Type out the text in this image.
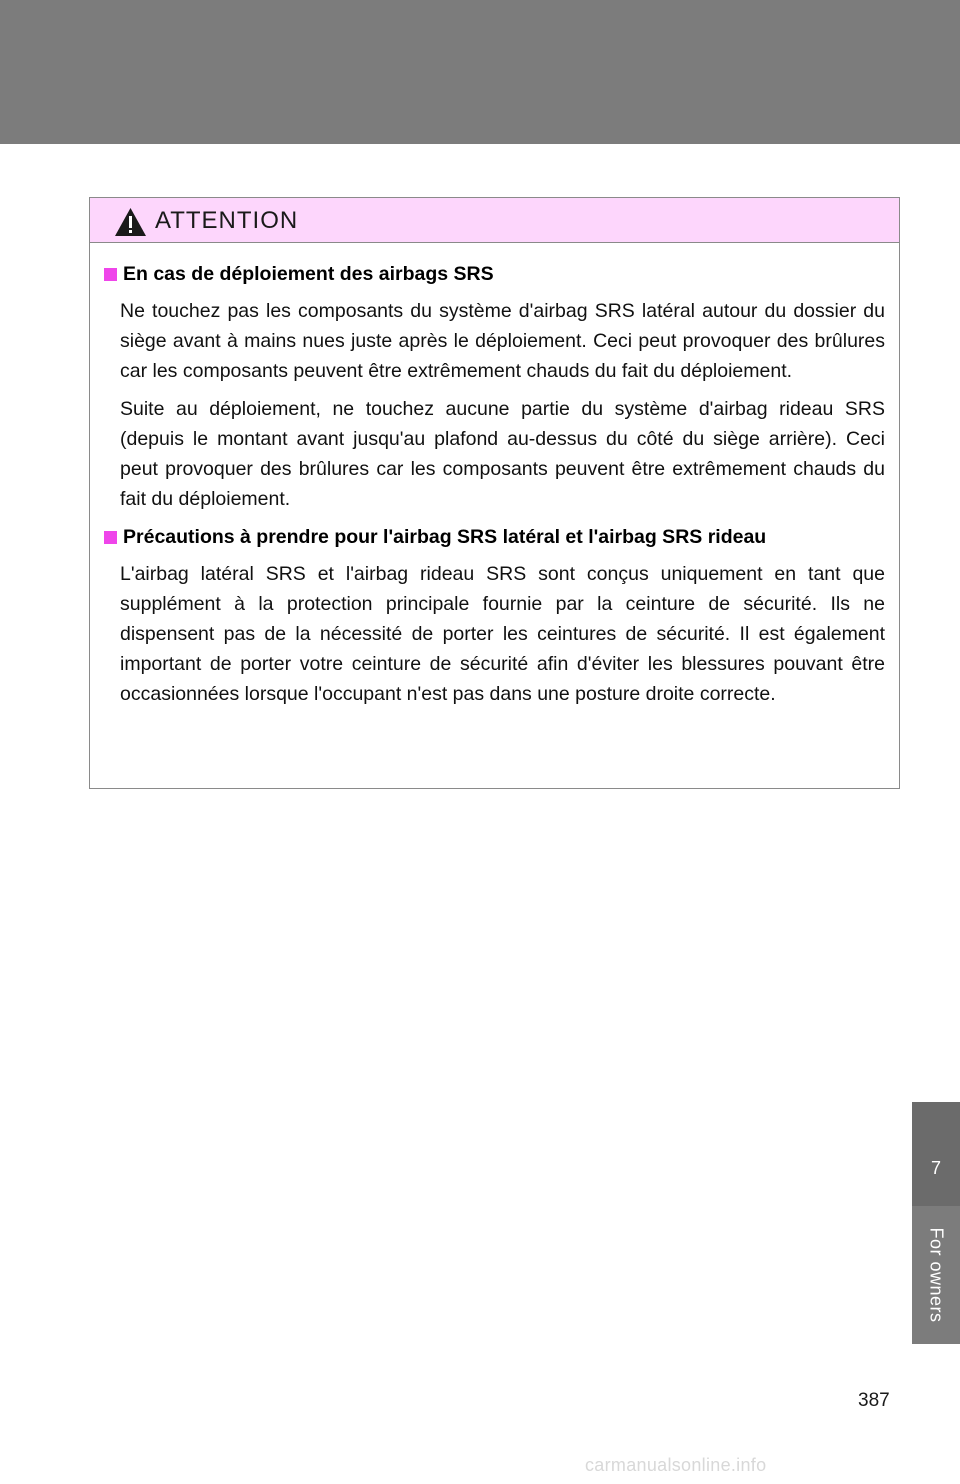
ATTENTION
En cas de déploiement des airbags SRS

Ne touchez pas les composants du système d'airbag SRS latéral autour du dossier du siège avant à mains nues juste après le déploiement. Ceci peut provoquer des brûlures car les composants peuvent être extrêmement chauds du fait du déploiement.

Suite au déploiement, ne touchez aucune partie du système d'airbag rideau SRS (depuis le montant avant jusqu'au plafond au-dessus du côté du siège arrière). Ceci peut provoquer des brûlures car les composants peuvent être extrêmement chauds du fait du déploiement.

Précautions à prendre pour l'airbag SRS latéral et l'airbag SRS rideau

L'airbag latéral SRS et l'airbag rideau SRS sont conçus uniquement en tant que supplément à la protection principale fournie par la ceinture de sécurité. Ils ne dispensent pas de la nécessité de porter les ceintures de sécurité. Il est également important de porter votre ceinture de sécurité afin d'éviter les blessures pouvant être occasionnées lorsque l'occupant n'est pas dans une posture droite correcte.

7
For owners
387
carmanualsonline.info
